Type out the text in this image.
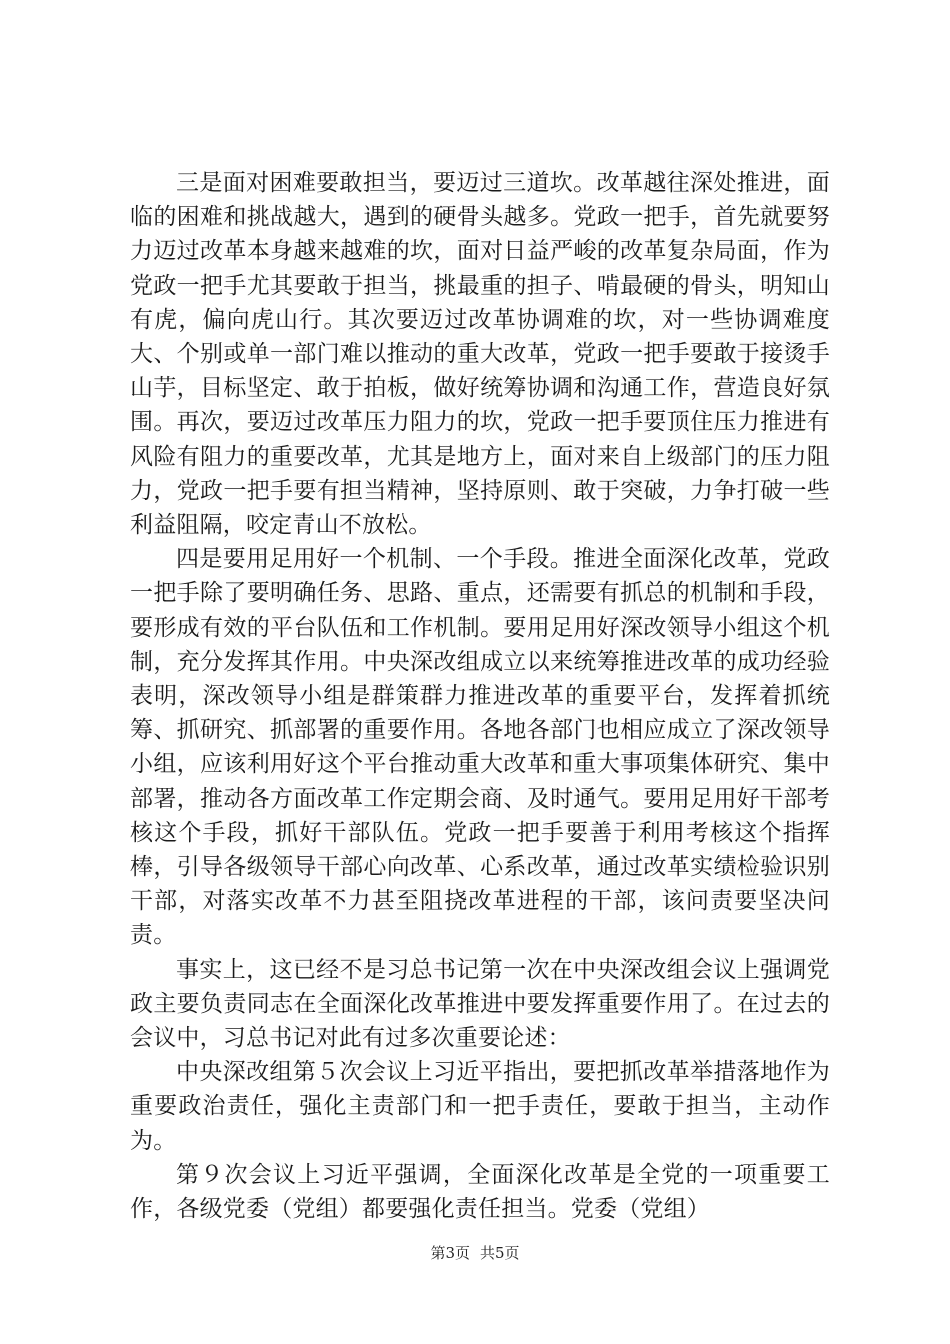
三是面对困难要敢担当，要迈过三道坎。改革越往深处推进，面临的困难和挑战越大，遇到的硬骨头越多。党政一把手，首先就要努力迈过改革本身越来越难的坎，面对日益严峻的改革复杂局面，作为党政一把手尤其要敢于担当，挑最重的担子、啃最硬的骨头，明知山有虎，偏向虎山行。其次要迈过改革协调难的坎，对一些协调难度大、个别或单一部门难以推动的重大改革，党政一把手要敢于接烫手山芋，目标坚定、敢于拍板，做好统筹协调和沟通工作，营造良好氛围。再次，要迈过改革压力阻力的坎，党政一把手要顶住压力推进有风险有阻力的重要改革，尤其是地方上，面对来自上级部门的压力阻力，党政一把手要有担当精神，坚持原则、敢于突破，力争打破一些利益阻隔，咬定青山不放松。

四是要用足用好一个机制、一个手段。推进全面深化改革，党政一把手除了要明确任务、思路、重点，还需要有抓总的机制和手段，要形成有效的平台队伍和工作机制。要用足用好深改领导小组这个机制，充分发挥其作用。中央深改组成立以来统筹推进改革的成功经验表明，深改领导小组是群策群力推进改革的重要平台，发挥着抓统筹、抓研究、抓部署的重要作用。各地各部门也相应成立了深改领导小组，应该利用好这个平台推动重大改革和重大事项集体研究、集中部署，推动各方面改革工作定期会商、及时通气。要用足用好干部考核这个手段，抓好干部队伍。党政一把手要善于利用考核这个指挥棒，引导各级领导干部心向改革、心系改革，通过改革实绩检验识别干部，对落实改革不力甚至阻挠改革进程的干部，该问责要坚决问责。

事实上，这已经不是习总书记第一次在中央深改组会议上强调党政主要负责同志在全面深化改革推进中要发挥重要作用了。在过去的会议中，习总书记对此有过多次重要论述：

中央深改组第５次会议上习近平指出，要把抓改革举措落地作为重要政治责任，强化主责部门和一把手责任，要敢于担当，主动作为。

第９次会议上习近平强调，全面深化改革是全党的一项重要工作，各级党委（党组）都要强化责任担当。党委（党组）

第3页 共5页
